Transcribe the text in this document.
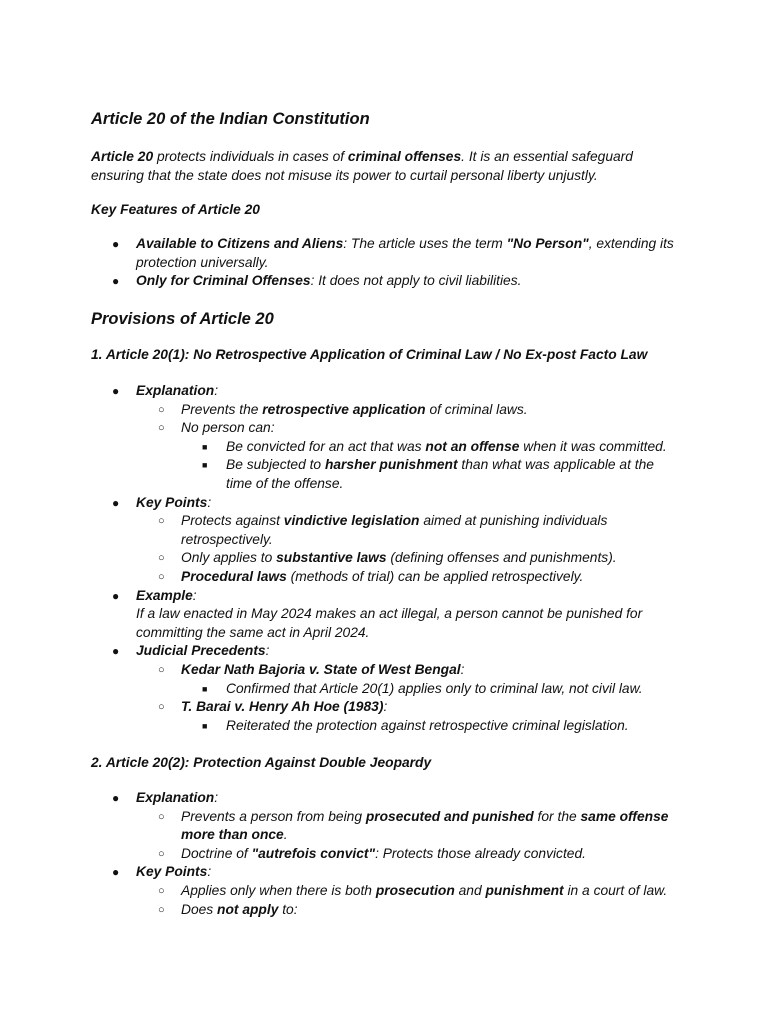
Article 20 of the Indian Constitution

Article 20 protects individuals in cases of criminal offenses. It is an essential safeguard ensuring that the state does not misuse its power to curtail personal liberty unjustly.

Key Features of Article 20
● Available to Citizens and Aliens: The article uses the term "No Person", extending its protection universally.
● Only for Criminal Offenses: It does not apply to civil liabilities.
Provisions of Article 20
1. Article 20(1): No Retrospective Application of Criminal Law / No Ex-post Facto Law
● Explanation:
○ Prevents the retrospective application of criminal laws.
○ No person can:
■ Be convicted for an act that was not an offense when it was committed.
■ Be subjected to harsher punishment than what was applicable at the time of the offense.
● Key Points:
○ Protects against vindictive legislation aimed at punishing individuals retrospectively.
○ Only applies to substantive laws (defining offenses and punishments).
○ Procedural laws (methods of trial) can be applied retrospectively.
● Example:
If a law enacted in May 2024 makes an act illegal, a person cannot be punished for committing the same act in April 2024.
● Judicial Precedents:
○ Kedar Nath Bajoria v. State of West Bengal:
■ Confirmed that Article 20(1) applies only to criminal law, not civil law.
○ T. Barai v. Henry Ah Hoe (1983):
■ Reiterated the protection against retrospective criminal legislation.
2. Article 20(2): Protection Against Double Jeopardy
● Explanation:
○ Prevents a person from being prosecuted and punished for the same offense more than once.
○ Doctrine of "autrefois convict": Protects those already convicted.
● Key Points:
○ Applies only when there is both prosecution and punishment in a court of law.
○ Does not apply to:
